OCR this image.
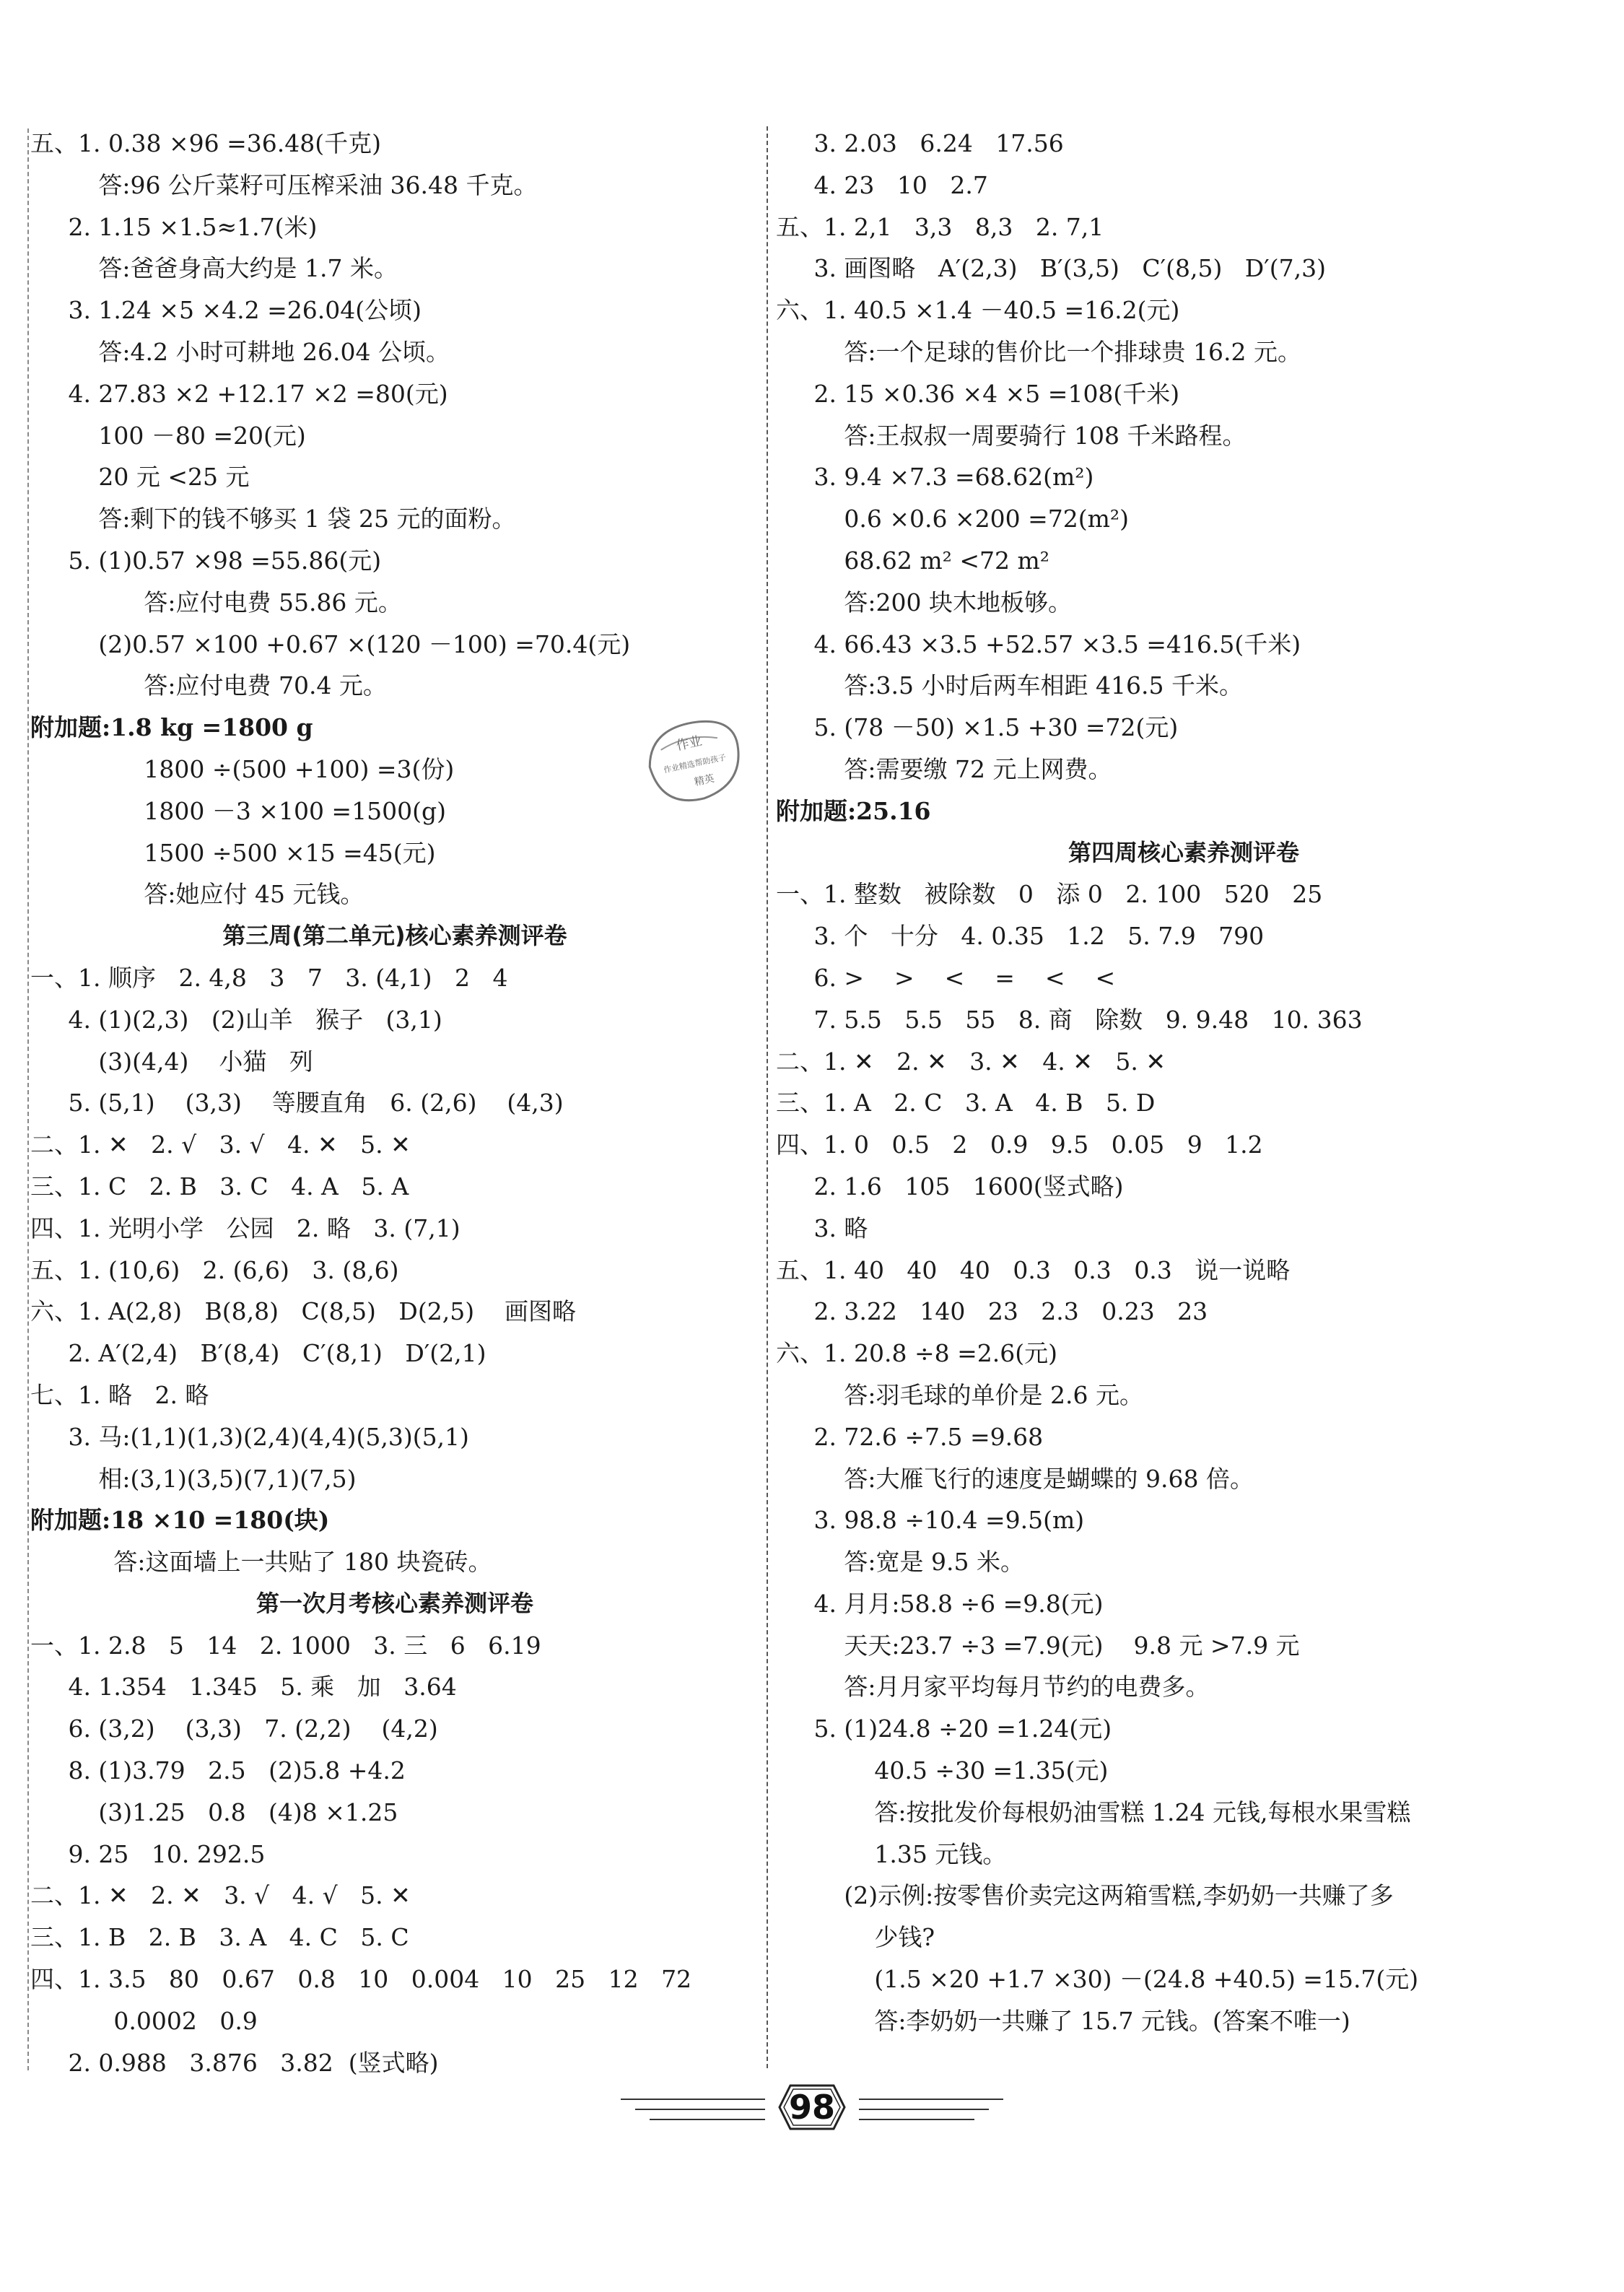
五、1. 0.38 ×96 =36.48(千克)
答:96 公斤菜籽可压榨采油 36.48 千克。
2. 1.15 ×1.5≈1.7(米)
答:爸爸身高大约是 1.7 米。
3. 1.24 ×5 ×4.2 =26.04(公顷)
答:4.2 小时可耕地 26.04 公顷。
4. 27.83 ×2 +12.17 ×2 =80(元)
100 －80 =20(元)
20 元 <25 元
答:剩下的钱不够买 1 袋 25 元的面粉。
5. (1)0.57 ×98 =55.86(元)
答:应付电费 55.86 元。
(2)0.57 ×100 +0.67 ×(120 －100) =70.4(元)
答:应付电费 70.4 元。
附加题:1.8 kg =1800 g
1800 ÷(500 +100) =3(份)
1800 －3 ×100 =1500(g)
1500 ÷500 ×15 =45(元)
答:她应付 45 元钱。
第三周(第二单元)核心素养测评卷
一、1. 顺序   2. 4,8   3   7   3. (4,1)   2   4
4. (1)(2,3)   (2)山羊   猴子   (3,1)
(3)(4,4)    小猫   列
5. (5,1)    (3,3)    等腰直角   6. (2,6)    (4,3)
二、1. ✕   2. √   3. √   4. ✕   5. ✕
三、1. C   2. B   3. C   4. A   5. A
四、1. 光明小学   公园   2. 略   3. (7,1)
五、1. (10,6)   2. (6,6)   3. (8,6)
六、1. A(2,8)   B(8,8)   C(8,5)   D(2,5)    画图略
2. A′(2,4)   B′(8,4)   C′(8,1)   D′(2,1)
七、1. 略   2. 略
3. 马:(1,1)(1,3)(2,4)(4,4)(5,3)(5,1)
相:(3,1)(3,5)(7,1)(7,5)
附加题:18 ×10 =180(块)
答:这面墙上一共贴了 180 块瓷砖。
第一次月考核心素养测评卷
一、1. 2.8   5   14   2. 1000   3. 三   6   6.19
4. 1.354   1.345   5. 乘   加   3.64
6. (3,2)    (3,3)   7. (2,2)    (4,2)
8. (1)3.79   2.5   (2)5.8 +4.2
(3)1.25   0.8   (4)8 ×1.25
9. 25   10. 292.5
二、1. ✕   2. ✕   3. √   4. √   5. ✕
三、1. B   2. B   3. A   4. C   5. C
四、1. 3.5   80   0.67   0.8   10   0.004   10   25   12   72
0.0002   0.9
2. 0.988   3.876   3.82  (竖式略)
3. 2.03   6.24   17.56
4. 23   10   2.7
五、1. 2,1   3,3   8,3   2. 7,1
3. 画图略   A′(2,3)   B′(3,5)   C′(8,5)   D′(7,3)
六、1. 40.5 ×1.4 －40.5 =16.2(元)
答:一个足球的售价比一个排球贵 16.2 元。
2. 15 ×0.36 ×4 ×5 =108(千米)
答:王叔叔一周要骑行 108 千米路程。
3. 9.4 ×7.3 =68.62(m²)
0.6 ×0.6 ×200 =72(m²)
68.62 m² <72 m²
答:200 块木地板够。
4. 66.43 ×3.5 +52.57 ×3.5 =416.5(千米)
答:3.5 小时后两车相距 416.5 千米。
5. (78 －50) ×1.5 +30 =72(元)
答:需要缴 72 元上网费。
附加题:25.16
第四周核心素养测评卷
一、1. 整数   被除数   0   添 0   2. 100   520   25
3. 个   十分   4. 0.35   1.2   5. 7.9   790
6. >    >    <    =    <    <
7. 5.5   5.5   55   8. 商   除数   9. 9.48   10. 363
二、1. ✕   2. ✕   3. ✕   4. ✕   5. ✕
三、1. A   2. C   3. A   4. B   5. D
四、1. 0   0.5   2   0.9   9.5   0.05   9   1.2
2. 1.6   105   1600(竖式略)
3. 略
五、1. 40   40   40   0.3   0.3   0.3   说一说略
2. 3.22   140   23   2.3   0.23   23
六、1. 20.8 ÷8 =2.6(元)
答:羽毛球的单价是 2.6 元。
2. 72.6 ÷7.5 =9.68
答:大雁飞行的速度是蝴蝶的 9.68 倍。
3. 98.8 ÷10.4 =9.5(m)
答:宽是 9.5 米。
4. 月月:58.8 ÷6 =9.8(元)
天天:23.7 ÷3 =7.9(元)    9.8 元 >7.9 元
答:月月家平均每月节约的电费多。
5. (1)24.8 ÷20 =1.24(元)
40.5 ÷30 =1.35(元)
答:按批发价每根奶油雪糕 1.24 元钱,每根水果雪糕
1.35 元钱。
(2)示例:按零售价卖完这两箱雪糕,李奶奶一共赚了多
少钱?
(1.5 ×20 +1.7 ×30) －(24.8 +40.5) =15.7(元)
答:李奶奶一共赚了 15.7 元钱。(答案不唯一)
作业
作业精选帮助孩子
精英
98
